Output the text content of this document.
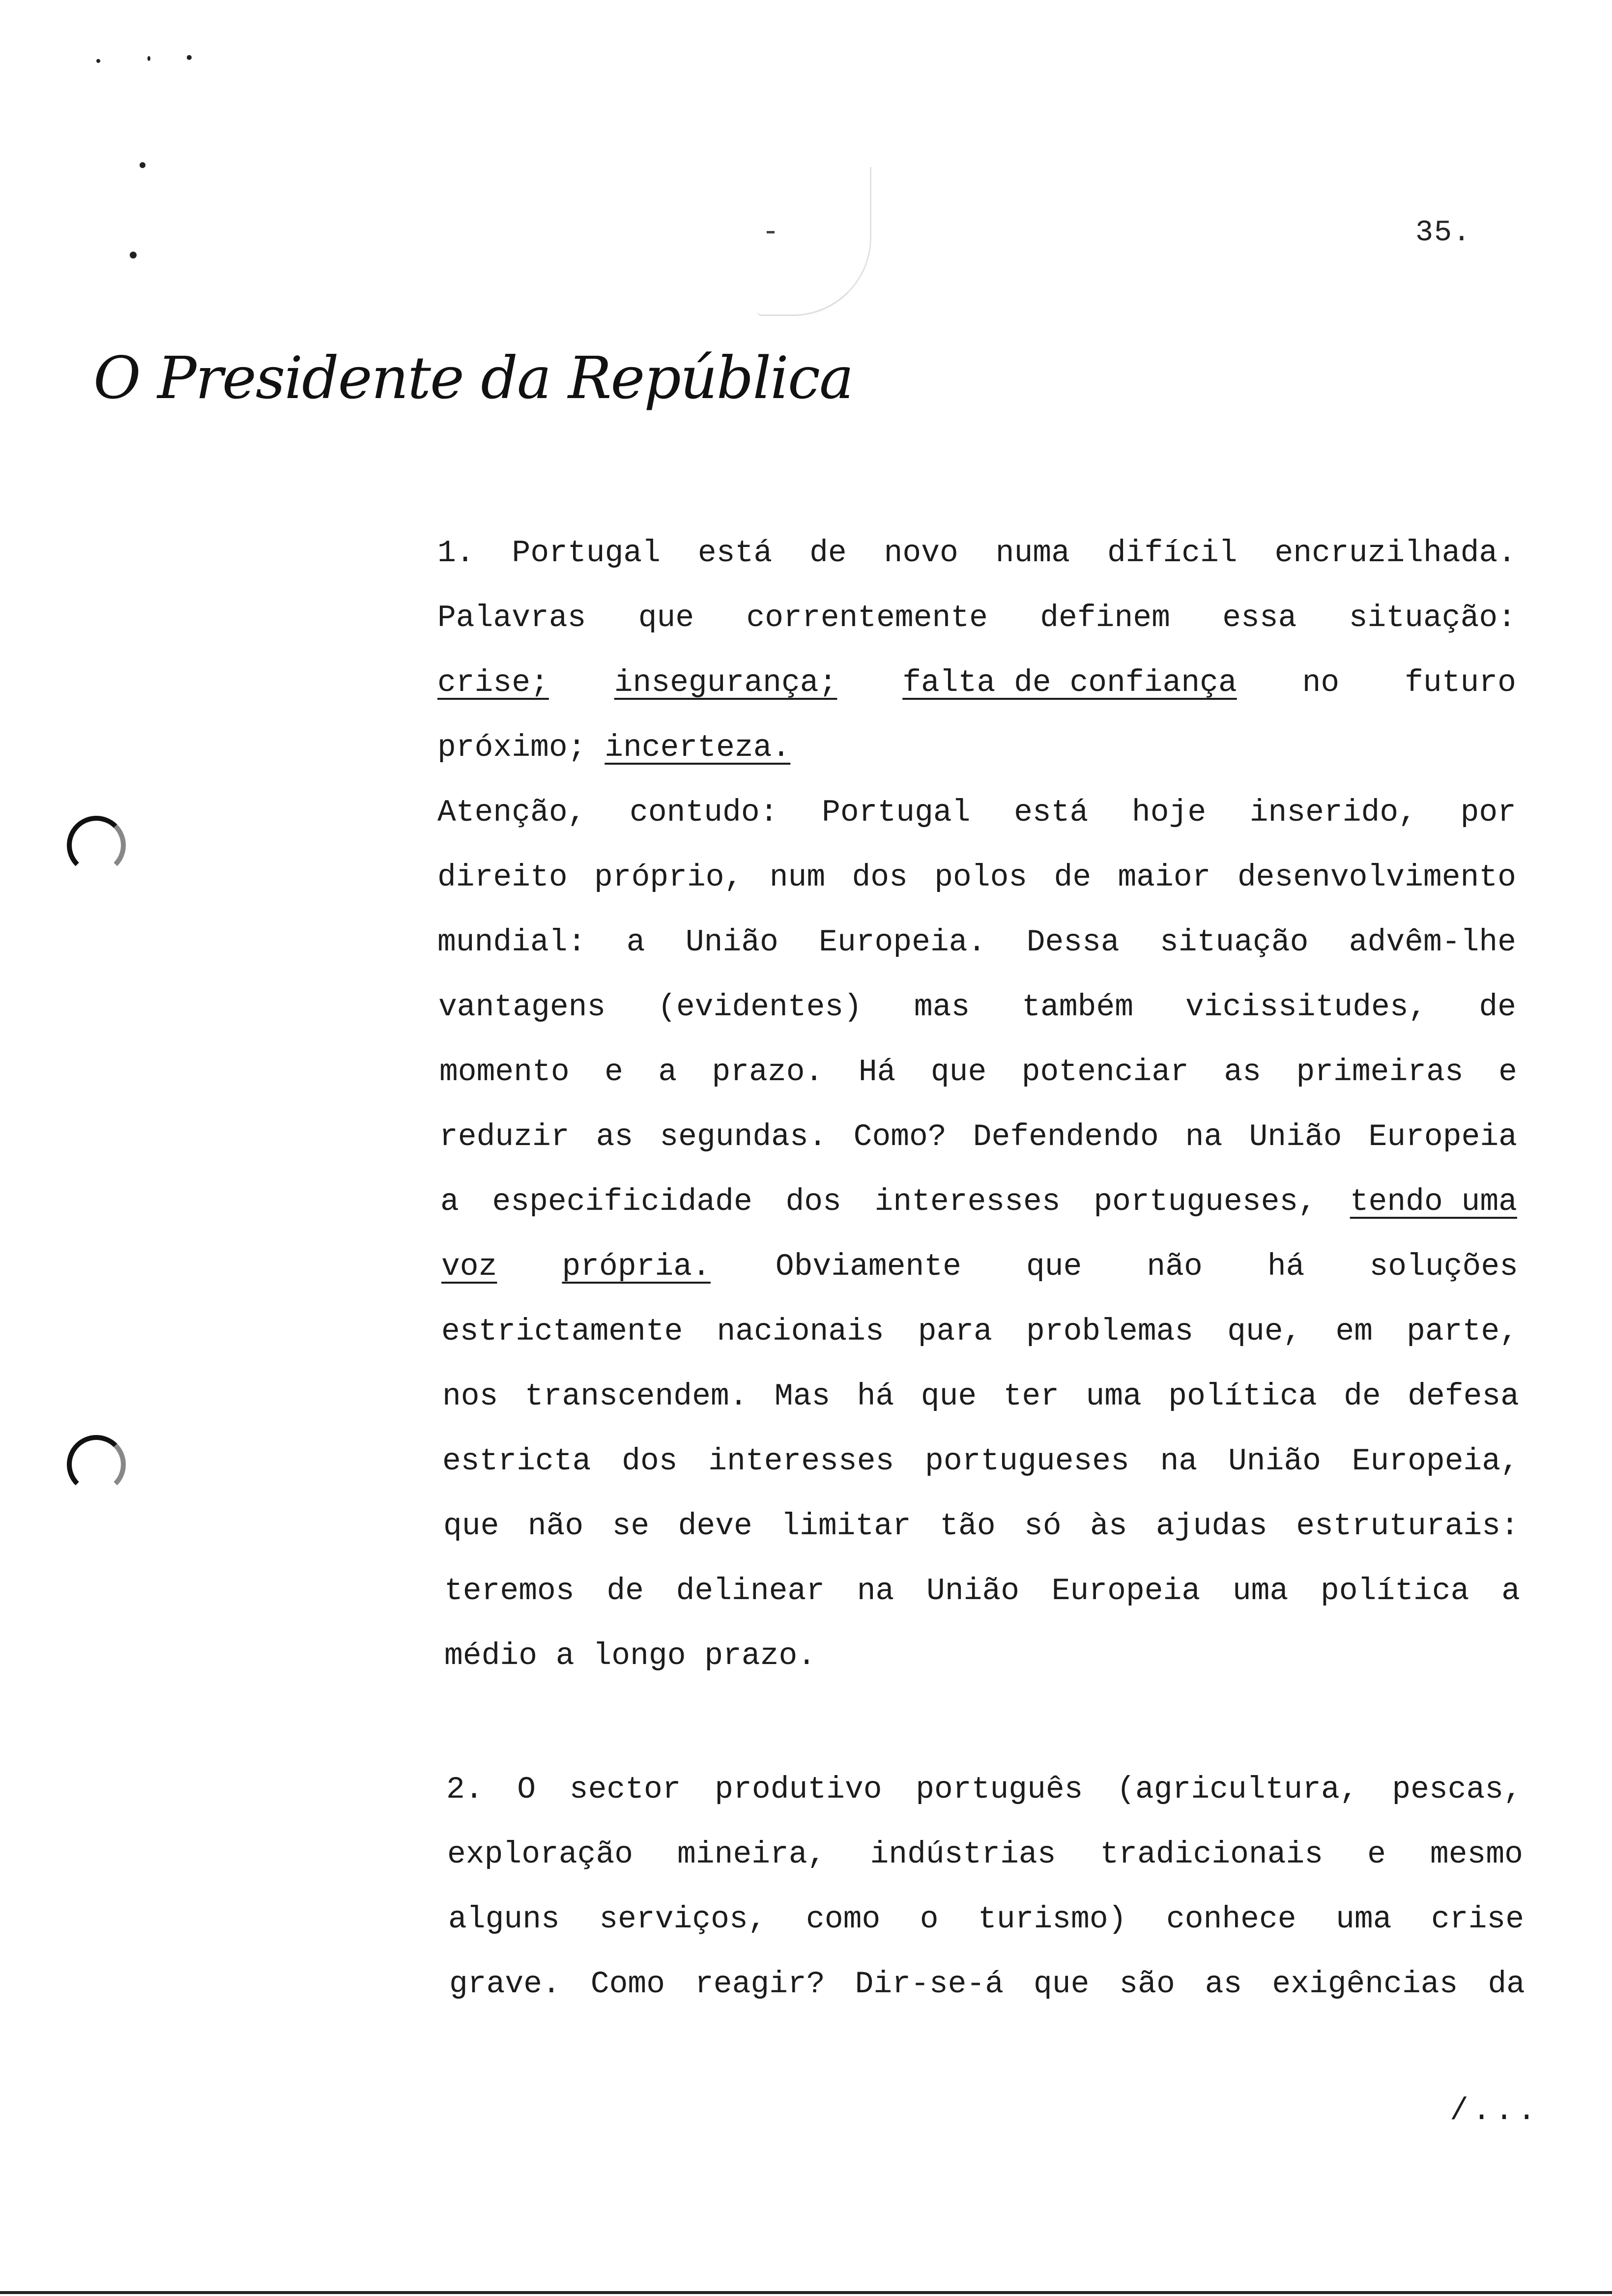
35.
O Presidente da República
1. Portugal está de novo numa difícil encruzilhada.
Palavras que correntemente definem essa situação:
crise; insegurança; falta de confiança no futuro
próximo;
incerteza.
Atenção, contudo: Portugal está hoje inserido, por
direito próprio, num dos polos de maior desenvolvimento
mundial: a União Europeia. Dessa situação advêm-lhe
vantagens (evidentes) mas também vicissitudes, de
momento e a prazo. Há que potenciar as primeiras e
reduzir as segundas. Como? Defendendo na União Europeia
a especificidade dos interesses portugueses, tendo uma
voz própria. Obviamente que não há soluções
estrictamente nacionais para problemas que, em parte,
nos transcendem. Mas há que ter uma política de defesa
estricta dos interesses portugueses na União Europeia,
que não se deve limitar tão só às ajudas estruturais:
teremos de delinear na União Europeia uma política a
médio
a
longo
prazo.
2. O sector produtivo português (agricultura, pescas,
exploração mineira, indústrias tradicionais e mesmo
alguns serviços, como o turismo) conhece uma crise
grave. Como reagir? Dir-se-á que são as exigências da
/...
